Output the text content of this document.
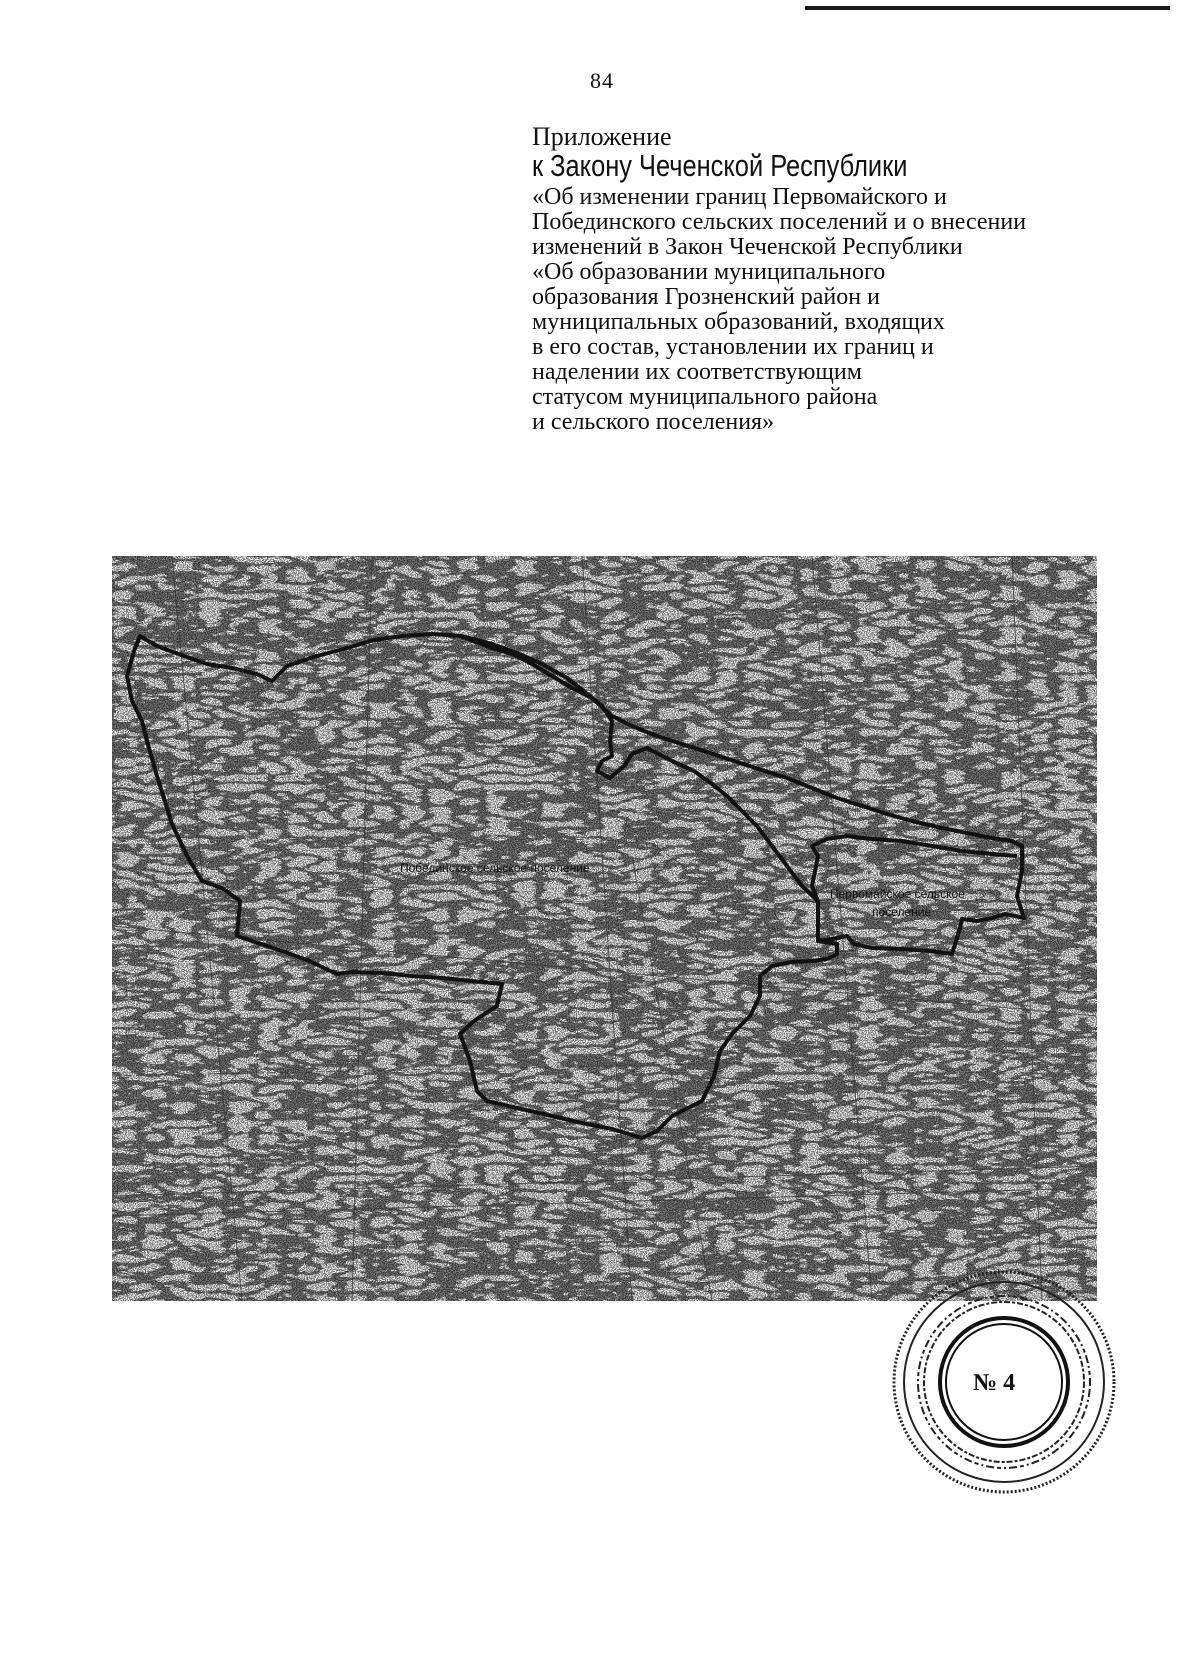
84
Приложение
к Закону Чеченской Республики
«Об изменении границ Первомайского и
Побединского сельских поселений и о внесении
изменений в Закон Чеченской Республики
«Об образовании муниципального
образования Грозненский район и
муниципальных образований, входящих
в его состав, установлении их границ и
наделении их соответствующим
статусом муниципального района
и сельского поселения»
Побединское сельское поселение
Первомайское сельское
поселение
№ 4
